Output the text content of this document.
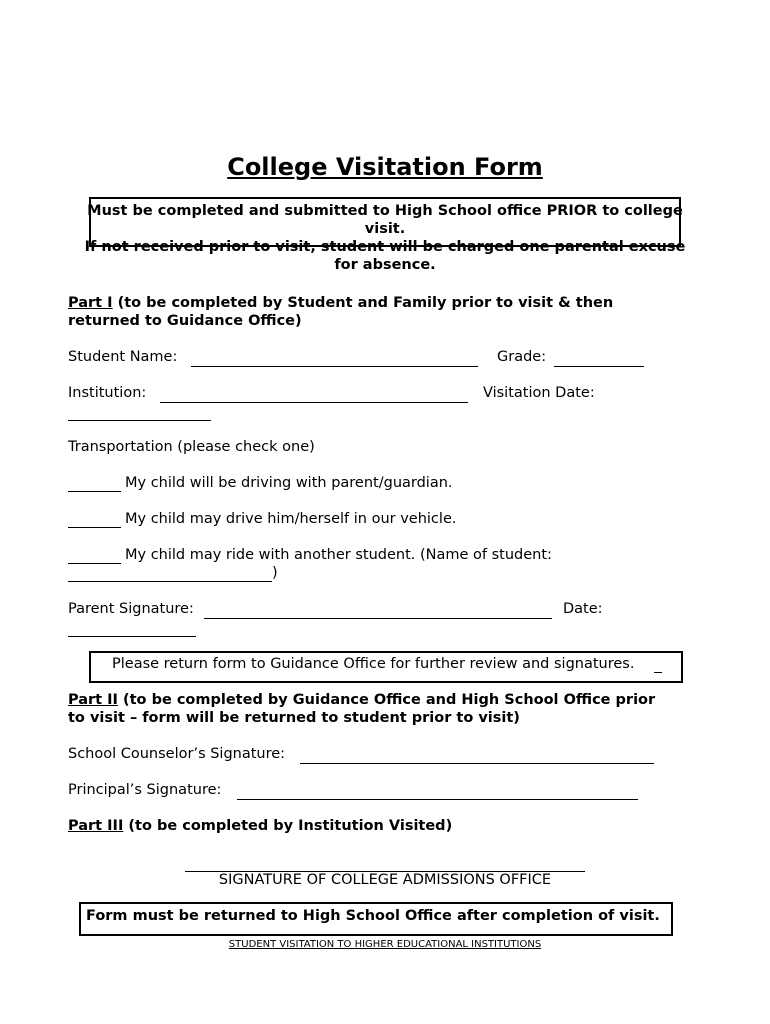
College Visitation Form
Must be completed and submitted to High School office PRIOR to college
visit.
If not received prior to visit, student will be charged one parental excuse
for absence.
Part I (to be completed by Student and Family prior to visit & then
returned to Guidance Office)
Student Name:	Grade:
Institution:	Visitation Date:
Transportation (please check one)
My child will be driving with parent/guardian.
My child may drive him/herself in our vehicle.
My child may ride with another student. (Name of student:
)
Parent Signature:	Date:
Please return form to Guidance Office for further review and signatures.
Part II (to be completed by Guidance Office and High School Office prior
to visit – form will be returned to student prior to visit)
School Counselor’s Signature:
Principal’s Signature:
Part III (to be completed by Institution Visited)
SIGNATURE OF COLLEGE ADMISSIONS OFFICE
Form must be returned to High School Office after completion of visit.
STUDENT VISITATION TO HIGHER EDUCATIONAL INSTITUTIONS
